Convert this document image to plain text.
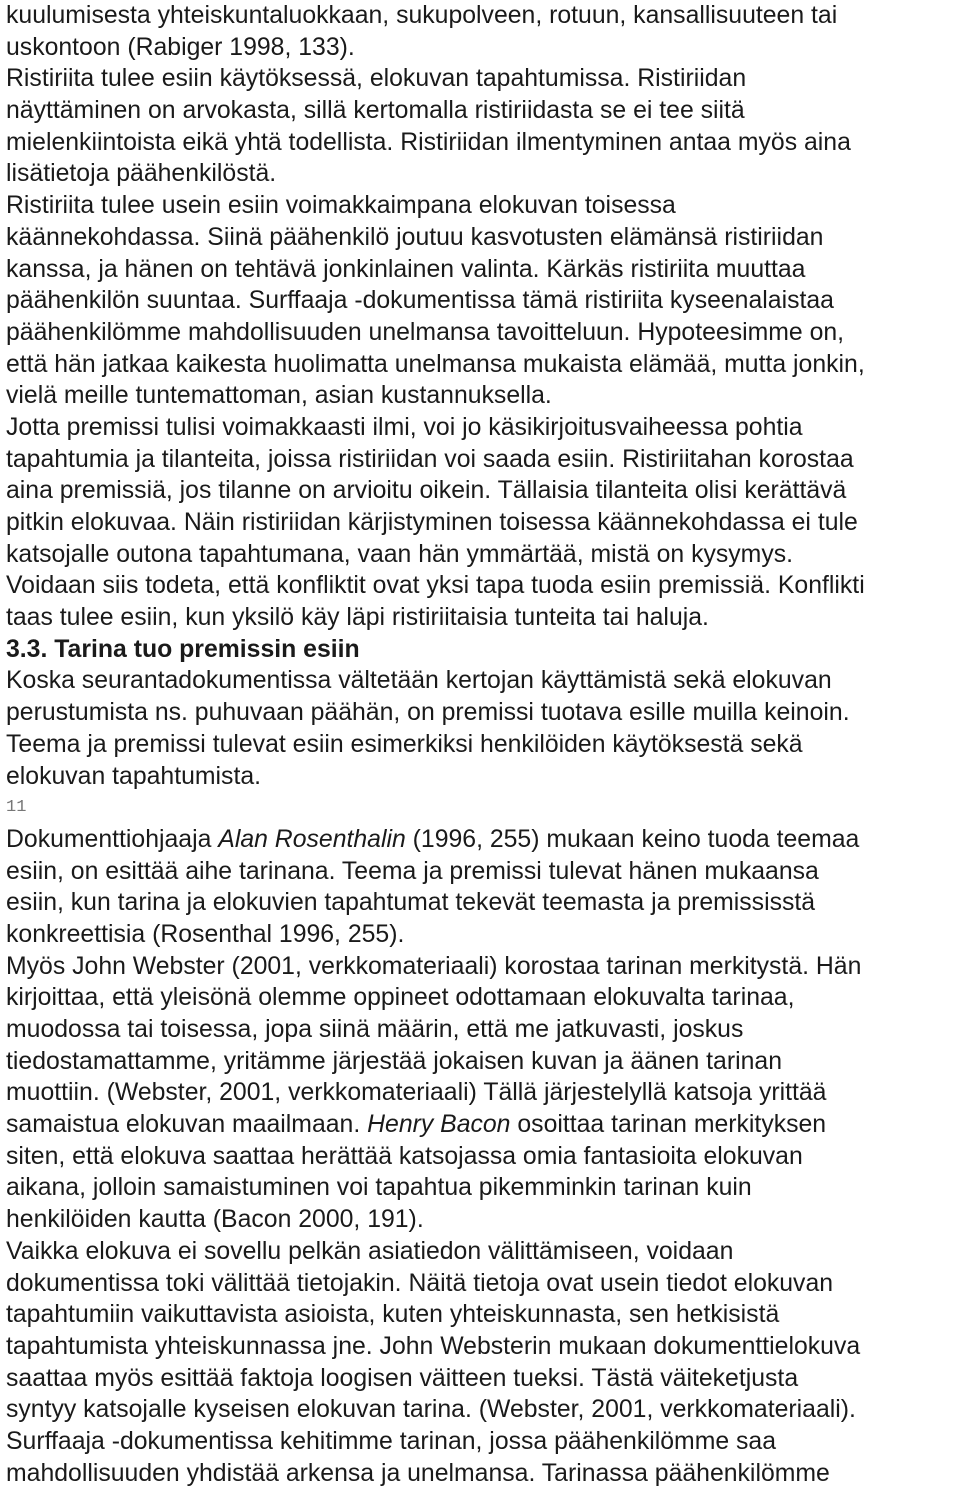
kuulumisesta yhteiskuntaluokkaan, sukupolveen, rotuun, kansallisuuteen tai
uskontoon (Rabiger 1998, 133).
Ristiriita tulee esiin käytöksessä, elokuvan tapahtumissa. Ristiriidan
näyttäminen on arvokasta, sillä kertomalla ristiriidasta se ei tee siitä
mielenkiintoista eikä yhtä todellista. Ristiriidan ilmentyminen antaa myös aina
lisätietoja päähenkilöstä.
Ristiriita tulee usein esiin voimakkaimpana elokuvan toisessa
käännekohdassa. Siinä päähenkilö joutuu kasvotusten elämänsä ristiriidan
kanssa, ja hänen on tehtävä jonkinlainen valinta. Kärkäs ristiriita muuttaa
päähenkilön suuntaa. Surffaaja -dokumentissa tämä ristiriita kyseenalaistaa
päähenkilömme mahdollisuuden unelmansa tavoitteluun. Hypoteesimme on,
että hän jatkaa kaikesta huolimatta unelmansa mukaista elämää, mutta jonkin,
vielä meille tuntemattoman, asian kustannuksella.
Jotta premissi tulisi voimakkaasti ilmi, voi jo käsikirjoitusvaiheessa pohtia
tapahtumia ja tilanteita, joissa ristiriidan voi saada esiin. Ristiriitahan korostaa
aina premissiä, jos tilanne on arvioitu oikein. Tällaisia tilanteita olisi kerättävä
pitkin elokuvaa. Näin ristiriidan kärjistyminen toisessa käännekohdassa ei tule
katsojalle outona tapahtumana, vaan hän ymmärtää, mistä on kysymys.
Voidaan siis todeta, että konfliktit ovat yksi tapa tuoda esiin premissiä. Konflikti
taas tulee esiin, kun yksilö käy läpi ristiriitaisia tunteita tai haluja.
3.3. Tarina tuo premissin esiin
Koska seurantadokumentissa vältetään kertojan käyttämistä sekä elokuvan
perustumista ns. puhuvaan päähän, on premissi tuotava esille muilla keinoin.
Teema ja premissi tulevat esiin esimerkiksi henkilöiden käytöksestä sekä
elokuvan tapahtumista.
11
Dokumenttiohjaaja Alan Rosenthalin (1996, 255) mukaan keino tuoda teemaa
esiin, on esittää aihe tarinana. Teema ja premissi tulevat hänen mukaansa
esiin, kun tarina ja elokuvien tapahtumat tekevät teemasta ja premississtä
konkreettisia (Rosenthal 1996, 255).
Myös John Webster (2001, verkkomateriaali) korostaa tarinan merkitystä. Hän
kirjoittaa, että yleisönä olemme oppineet odottamaan elokuvalta tarinaa,
muodossa tai toisessa, jopa siinä määrin, että me jatkuvasti, joskus
tiedostamattamme, yritämme järjestää jokaisen kuvan ja äänen tarinan
muottiin. (Webster, 2001, verkkomateriaali) Tällä järjestelyllä katsoja yrittää
samaistua elokuvan maailmaan. Henry Bacon osoittaa tarinan merkityksen
siten, että elokuva saattaa herättää katsojassa omia fantasioita elokuvan
aikana, jolloin samaistuminen voi tapahtua pikemminkin tarinan kuin
henkilöiden kautta (Bacon 2000, 191).
Vaikka elokuva ei sovellu pelkän asiatiedon välittämiseen, voidaan
dokumentissa toki välittää tietojakin. Näitä tietoja ovat usein tiedot elokuvan
tapahtumiin vaikuttavista asioista, kuten yhteiskunnasta, sen hetkisistä
tapahtumista yhteiskunnassa jne. John Websterin mukaan dokumenttielokuva
saattaa myös esittää faktoja loogisen väitteen tueksi. Tästä väiteketjusta
syntyy katsojalle kyseisen elokuvan tarina. (Webster, 2001, verkkomateriaali).
Surffaaja -dokumentissa kehitimme tarinan, jossa päähenkilömme saa
mahdollisuuden yhdistää arkensa ja unelmansa. Tarinassa päähenkilömme
